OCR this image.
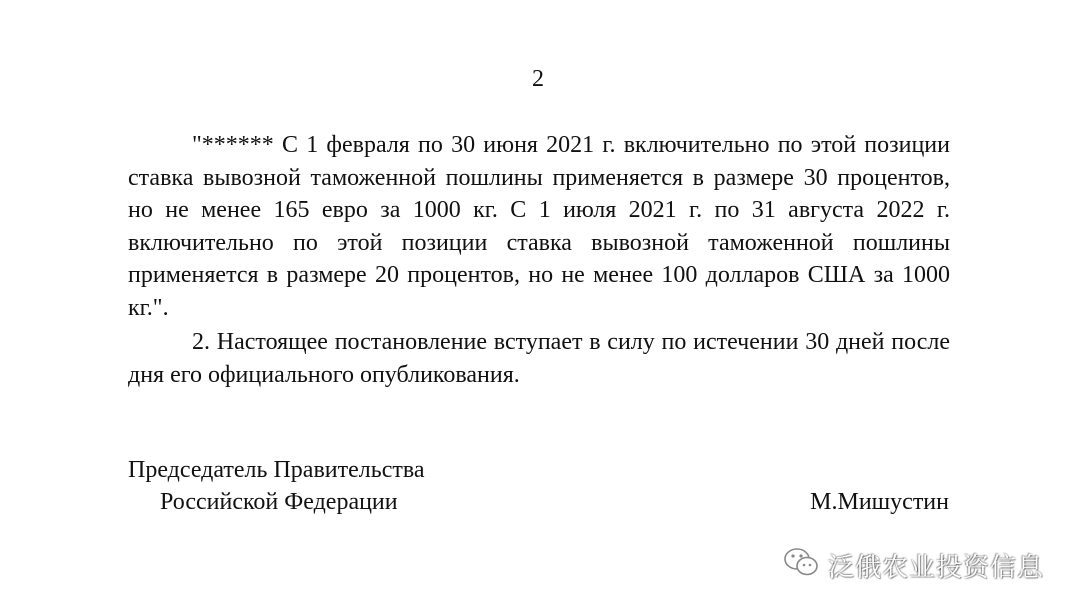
2

"****** С 1 февраля по 30 июня 2021 г. включительно по этой позиции ставка вывозной таможенной пошлины применяется в размере 30 процентов, но не менее 165 евро за 1000 кг. С 1 июля 2021 г. по 31 августа 2022 г. включительно по этой позиции ставка вывозной таможенной пошлины применяется в размере 20 процентов, но не менее 100 долларов США за 1000 кг.".

2. Настоящее постановление вступает в силу по истечении 30 дней после дня его официального опубликования.

Председатель Правительства
Российской Федерации	М.Мишустин
泛俄农业投资信息
